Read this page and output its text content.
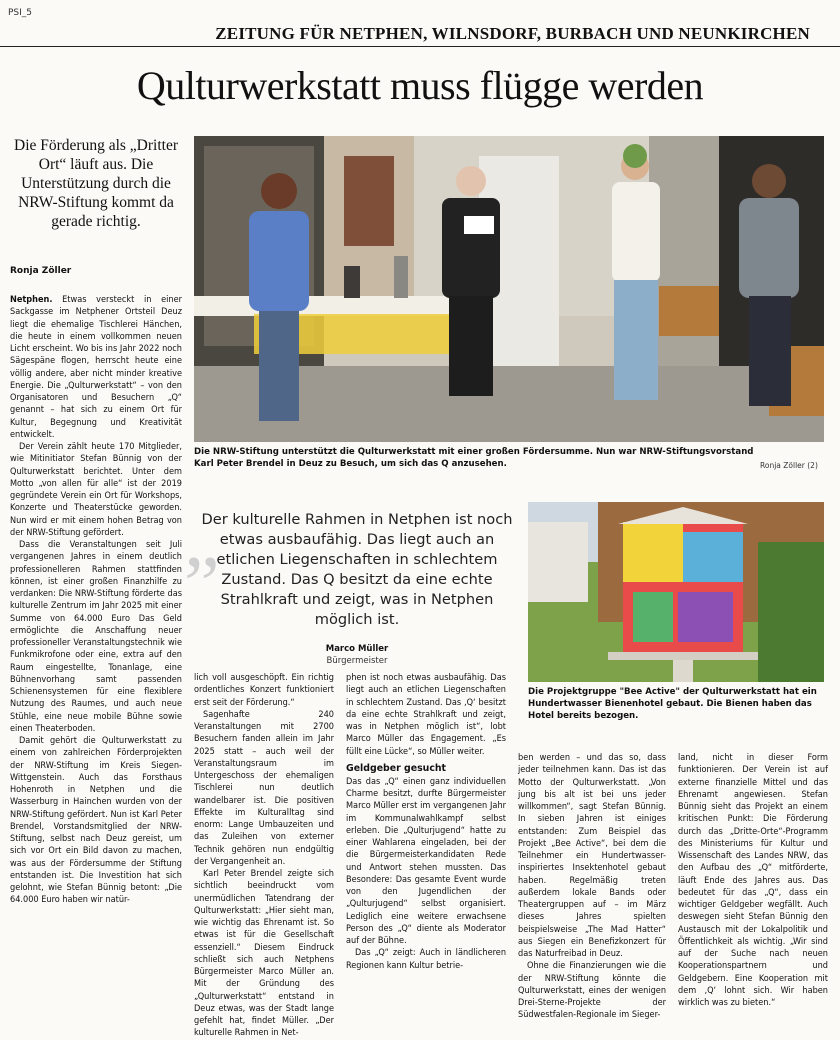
PSI_5
ZEITUNG FÜR NETPHEN, WILNSDORF, BURBACH UND NEUNKIRCHEN
Qulturwerkstatt muss flügge werden
Die Förderung als „Dritter Ort“ läuft aus. Die Unterstützung durch die NRW-Stiftung kommt da gerade richtig.
Ronja Zöller

Netphen. Etwas versteckt in einer Sackgasse im Netphener Ortsteil Deuz liegt die ehemalige Tischlerei Hänchen, die heute in einem vollkommen neuen Licht erscheint. Wo bis ins Jahr 2022 noch Sägespäne flogen, herrscht heute eine völlig andere, aber nicht minder kreative Energie. Die „Qulturwerkstatt“ – von den Organisatoren und Besuchern „Q“ genannt – hat sich zu einem Ort für Kultur, Begegnung und Kreativität entwickelt.

Der Verein zählt heute 170 Mitglieder, wie Mitinitiator Stefan Bünnig von der Qulturwerkstatt berichtet. Unter dem Motto „von allen für alle“ ist der 2019 gegründete Verein ein Ort für Workshops, Konzerte und Theaterstücke geworden. Nun wird er mit einem hohen Betrag von der NRW-Stiftung gefördert.

Dass die Veranstaltungen seit Juli vergangenen Jahres in einem deutlich professionelleren Rahmen stattfinden können, ist einer großen Finanzhilfe zu verdanken: Die NRW-Stiftung förderte das kulturelle Zentrum im Jahr 2025 mit einer Summe von 64.000 Euro Das Geld ermöglichte die Anschaffung neuer professioneller Veranstaltungstechnik wie Funkmikrofone oder eine, extra auf den Raum eingestellte, Tonanlage, eine Bühnenvorhang samt passenden Schienensystemen für eine flexiblere Nutzung des Raumes, und auch neue Stühle, eine neue mobile Bühne sowie einen Theaterboden.

Damit gehört die Qulturwerkstatt zu einem von zahlreichen Förderprojekten der NRW-Stiftung im Kreis Siegen-Wittgenstein. Auch das Forsthaus Hohenroth in Netphen und die Wasserburg in Hainchen wurden von der NRW-Stiftung gefördert. Nun ist Karl Peter Brendel, Vorstandsmitglied der NRW-Stiftung, selbst nach Deuz gereist, um sich vor Ort ein Bild davon zu machen, was aus der Fördersumme der Stiftung entstanden ist. Die Investition hat sich gelohnt, wie Stefan Bünnig betont: „Die 64.000 Euro haben wir natür-

Die NRW-Stiftung unterstützt die Qulturwerkstatt mit einer großen Fördersumme. Nun war NRW-Stiftungsvorstand Karl Peter Brendel in Deuz zu Besuch, um sich das Q anzusehen.	Ronja Zöller (2)
„
Der kulturelle Rahmen in Netphen ist noch etwas ausbaufähig. Das liegt auch an etlichen Liegenschaften in schlechtem Zustand. Das Q besitzt da eine echte Strahlkraft und zeigt, was in Netphen möglich ist.
Marco Müller
Bürgermeister
Die Projektgruppe "Bee Active" der Qulturwerkstatt hat ein Hundertwasser Bienenhotel gebaut. Die Bienen haben das Hotel bereits bezogen.

lich voll ausgeschöpft. Ein richtig ordentliches Konzert funktioniert erst seit der Förderung.“

Sagenhafte 240 Veranstaltungen mit 2700 Besuchern fanden allein im Jahr 2025 statt – auch weil der Veranstaltungsraum im Untergeschoss der ehemaligen Tischlerei nun deutlich wandelbarer ist. Die positiven Effekte im Kulturalltag sind enorm: Lange Umbauzeiten und das Zuleihen von externer Technik gehören nun endgültig der Vergangenheit an.

Karl Peter Brendel zeigte sich sichtlich beeindruckt vom unermüdlichen Tatendrang der Qulturwerkstatt: „Hier sieht man, wie wichtig das Ehrenamt ist. So etwas ist für die Gesellschaft essenziell.“ Diesem Eindruck schließt sich auch Netphens Bürgermeister Marco Müller an. Mit der Gründung des „Qulturwerkstatt“ entstand in Deuz etwas, was der Stadt lange gefehlt hat, findet Müller. „Der kulturelle Rahmen in Net-

phen ist noch etwas ausbaufähig. Das liegt auch an etlichen Liegenschaften in schlechtem Zustand. Das ‚Q‘ besitzt da eine echte Strahlkraft und zeigt, was in Netphen möglich ist“, lobt Marco Müller das Engagement. „Es füllt eine Lücke“, so Müller weiter.

Geldgeber gesucht

Das das „Q“ einen ganz individuellen Charme besitzt, durfte Bürgermeister Marco Müller erst im vergangenen Jahr im Kommunalwahlkampf selbst erleben. Die „Qulturjugend“ hatte zu einer Wahlarena eingeladen, bei der die Bürgermeisterkandidaten Rede und Antwort stehen mussten. Das Besondere: Das gesamte Event wurde von den Jugendlichen der „Qulturjugend“ selbst organisiert. Lediglich eine weitere erwachsene Person des „Q“ diente als Moderator auf der Bühne.

Das „Q“ zeigt: Auch in ländlicheren Regionen kann Kultur betrie-

ben werden – und das so, dass jeder teilnehmen kann. Das ist das Motto der Qulturwerkstatt. „Von jung bis alt ist bei uns jeder willkommen“, sagt Stefan Bünnig. In sieben Jahren ist einiges entstanden: Zum Beispiel das Projekt „Bee Active“, bei dem die Teilnehmer ein Hundertwasser-inspiriertes Insektenhotel gebaut haben. Regelmäßig treten außerdem lokale Bands oder Theatergruppen auf – im März dieses Jahres spielten beispielsweise „The Mad Hatter“ aus Siegen ein Benefizkonzert für das Naturfreibad in Deuz.

Ohne die Finanzierungen wie die der NRW-Stiftung könnte die Qulturwerkstatt, eines der wenigen Drei-Sterne-Projekte der Südwestfalen-Regionale im Sieger-

land, nicht in dieser Form funktionieren. Der Verein ist auf externe finanzielle Mittel und das Ehrenamt angewiesen. Stefan Bünnig sieht das Projekt an einem kritischen Punkt: Die Förderung durch das „Dritte-Orte“-Programm des Ministeriums für Kultur und Wissenschaft des Landes NRW, das den Aufbau des „Q“ mitförderte, läuft Ende des Jahres aus. Das bedeutet für das „Q“, dass ein wichtiger Geldgeber wegfällt. Auch deswegen sieht Stefan Bünnig den Austausch mit der Lokalpolitik und Öffentlichkeit als wichtig. „Wir sind auf der Suche nach neuen Kooperationspartnern und Geldgebern. Eine Kooperation mit dem ‚Q‘ lohnt sich. Wir haben wirklich was zu bieten.“
